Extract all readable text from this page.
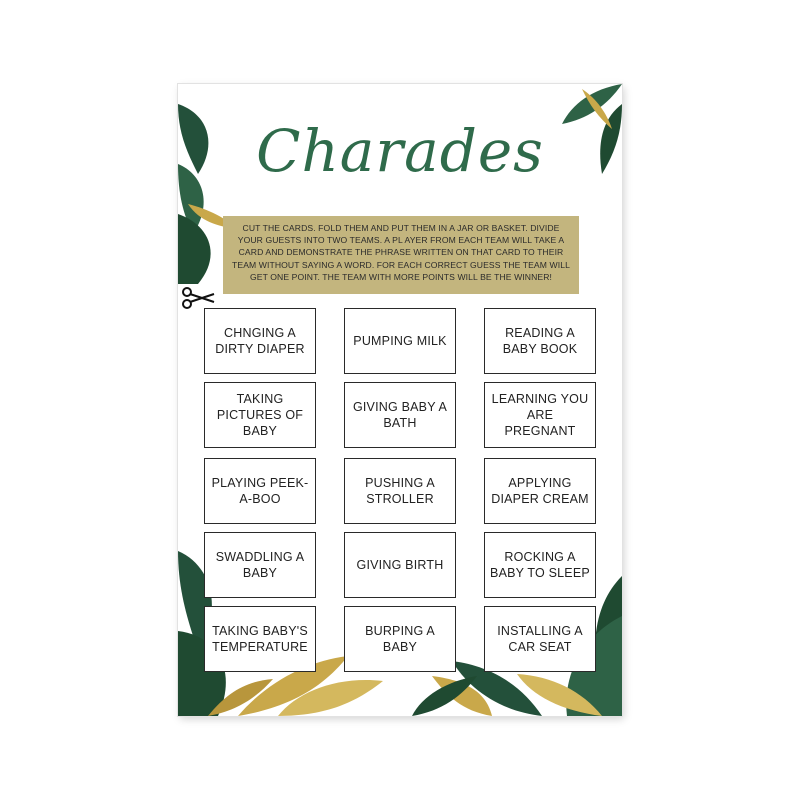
Charades
CUT THE CARDS. FOLD THEM AND PUT THEM IN A JAR OR BASKET. DIVIDE YOUR GUESTS INTO TWO TEAMS. A PL AYER FROM EACH TEAM WILL TAKE A CARD AND DEMONSTRATE THE PHRASE WRITTEN ON THAT CARD TO THEIR TEAM WITHOUT SAYING A WORD. FOR EACH CORRECT GUESS THE TEAM WILL GET ONE POINT. THE TEAM WITH MORE POINTS WILL BE THE WINNER!
CHNGING A DIRTY DIAPER
PUMPING MILK
READING A BABY BOOK
TAKING PICTURES OF BABY
GIVING BABY A BATH
LEARNING YOU ARE PREGNANT
PLAYING PEEK-A-BOO
PUSHING A STROLLER
APPLYING DIAPER CREAM
SWADDLING A BABY
GIVING BIRTH
ROCKING A BABY TO SLEEP
TAKING BABY'S TEMPERATURE
BURPING A BABY
INSTALLING A CAR SEAT
